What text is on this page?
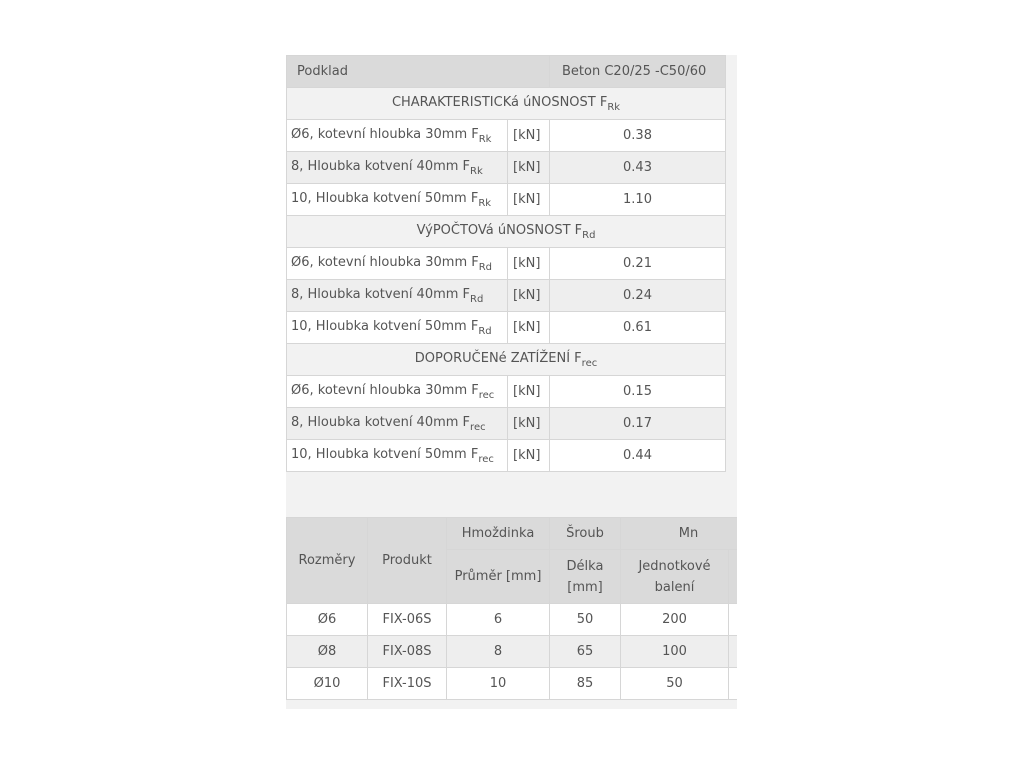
Podklad		Beton C20/25 -C50/60
CHARAKTERISTICKá úNOSNOST $F_{Rk}$
Ø6, kotevní hloubka 30mm $F_{Rk}$	[kN]	0.38
8, Hloubka kotvení 40mm $F_{Rk}$	[kN]	0.43
10, Hloubka kotvení 50mm $F_{Rk}$	[kN]	1.10
VýPOČTOVá úNOSNOST $F_{Rd}$
Ø6, kotevní hloubka 30mm $F_{Rd}$	[kN]	0.21
8, Hloubka kotvení 40mm $F_{Rd}$	[kN]	0.24
10, Hloubka kotvení 50mm $F_{Rd}$	[kN]	0.61
DOPORUČENé ZATÍŽENÍ $F_{rec}$
Ø6, kotevní hloubka 30mm $F_{rec}$	[kN]	0.15
8, Hloubka kotvení 40mm $F_{rec}$	[kN]	0.17
10, Hloubka kotvení 50mm $F_{rec}$	[kN]	0.44
Rozměry	Produkt	Hmoždinka	Šroub	Mn	
		Průměr [mm]	Délka [mm]	Jednotkové balení	
Ø6	FIX-06S	6	50	200	
Ø8	FIX-08S	8	65	100	
Ø10	FIX-10S	10	85	50	
